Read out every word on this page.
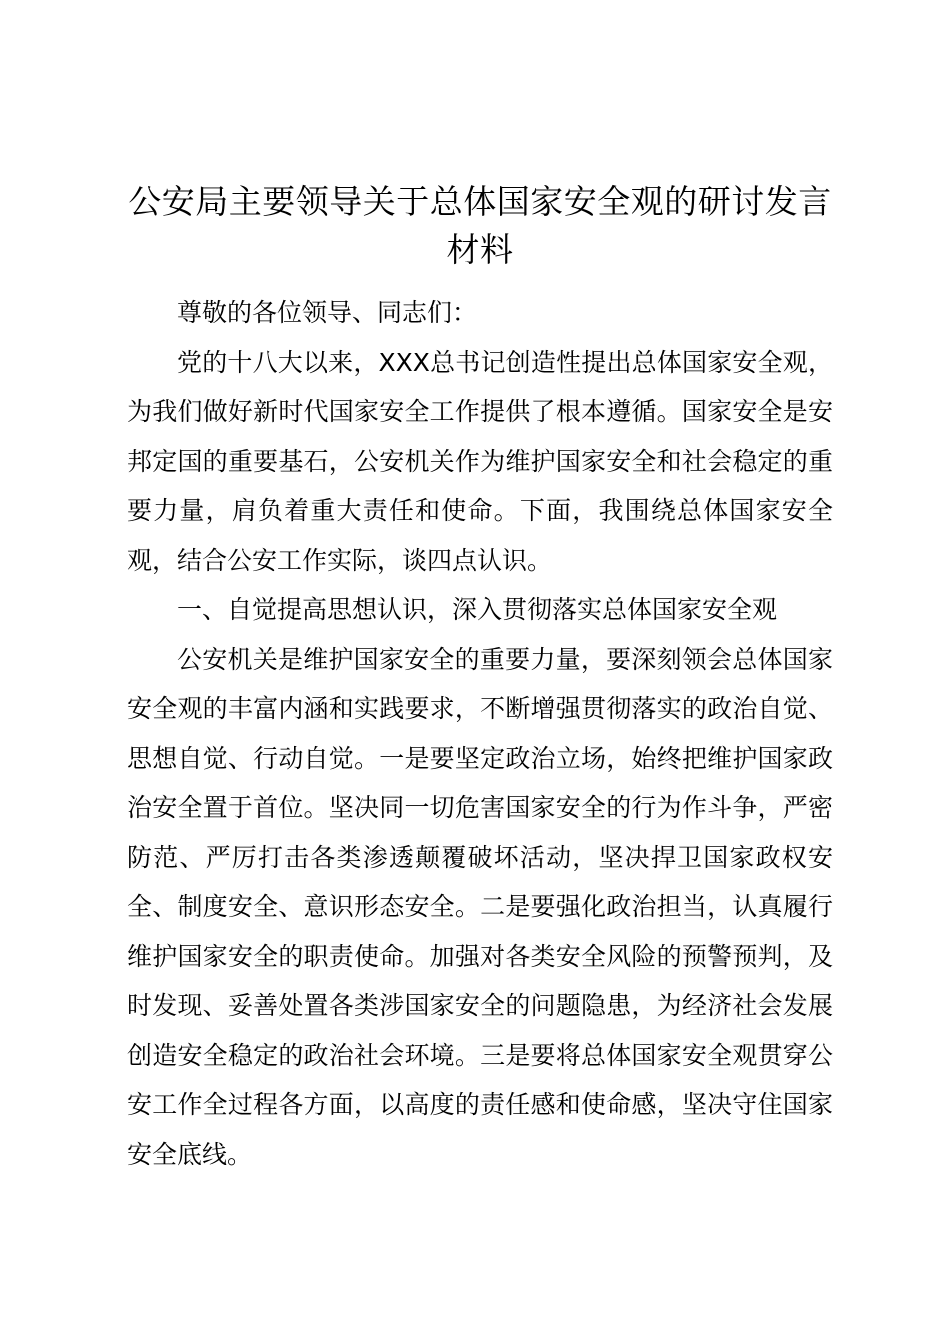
公安局主要领导关于总体国家安全观的研讨发言材料

尊敬的各位领导、同志们：

党的十八大以来，XXX总书记创造性提出总体国家安全观，为我们做好新时代国家安全工作提供了根本遵循。国家安全是安邦定国的重要基石，公安机关作为维护国家安全和社会稳定的重要力量，肩负着重大责任和使命。下面，我围绕总体国家安全观，结合公安工作实际，谈四点认识。

一、自觉提高思想认识，深入贯彻落实总体国家安全观

公安机关是维护国家安全的重要力量，要深刻领会总体国家安全观的丰富内涵和实践要求，不断增强贯彻落实的政治自觉、思想自觉、行动自觉。一是要坚定政治立场，始终把维护国家政治安全置于首位。坚决同一切危害国家安全的行为作斗争，严密防范、严厉打击各类渗透颠覆破坏活动，坚决捍卫国家政权安全、制度安全、意识形态安全。二是要强化政治担当，认真履行维护国家安全的职责使命。加强对各类安全风险的预警预判，及时发现、妥善处置各类涉国家安全的问题隐患，为经济社会发展创造安全稳定的政治社会环境。三是要将总体国家安全观贯穿公安工作全过程各方面，以高度的责任感和使命感，坚决守住国家安全底线。
